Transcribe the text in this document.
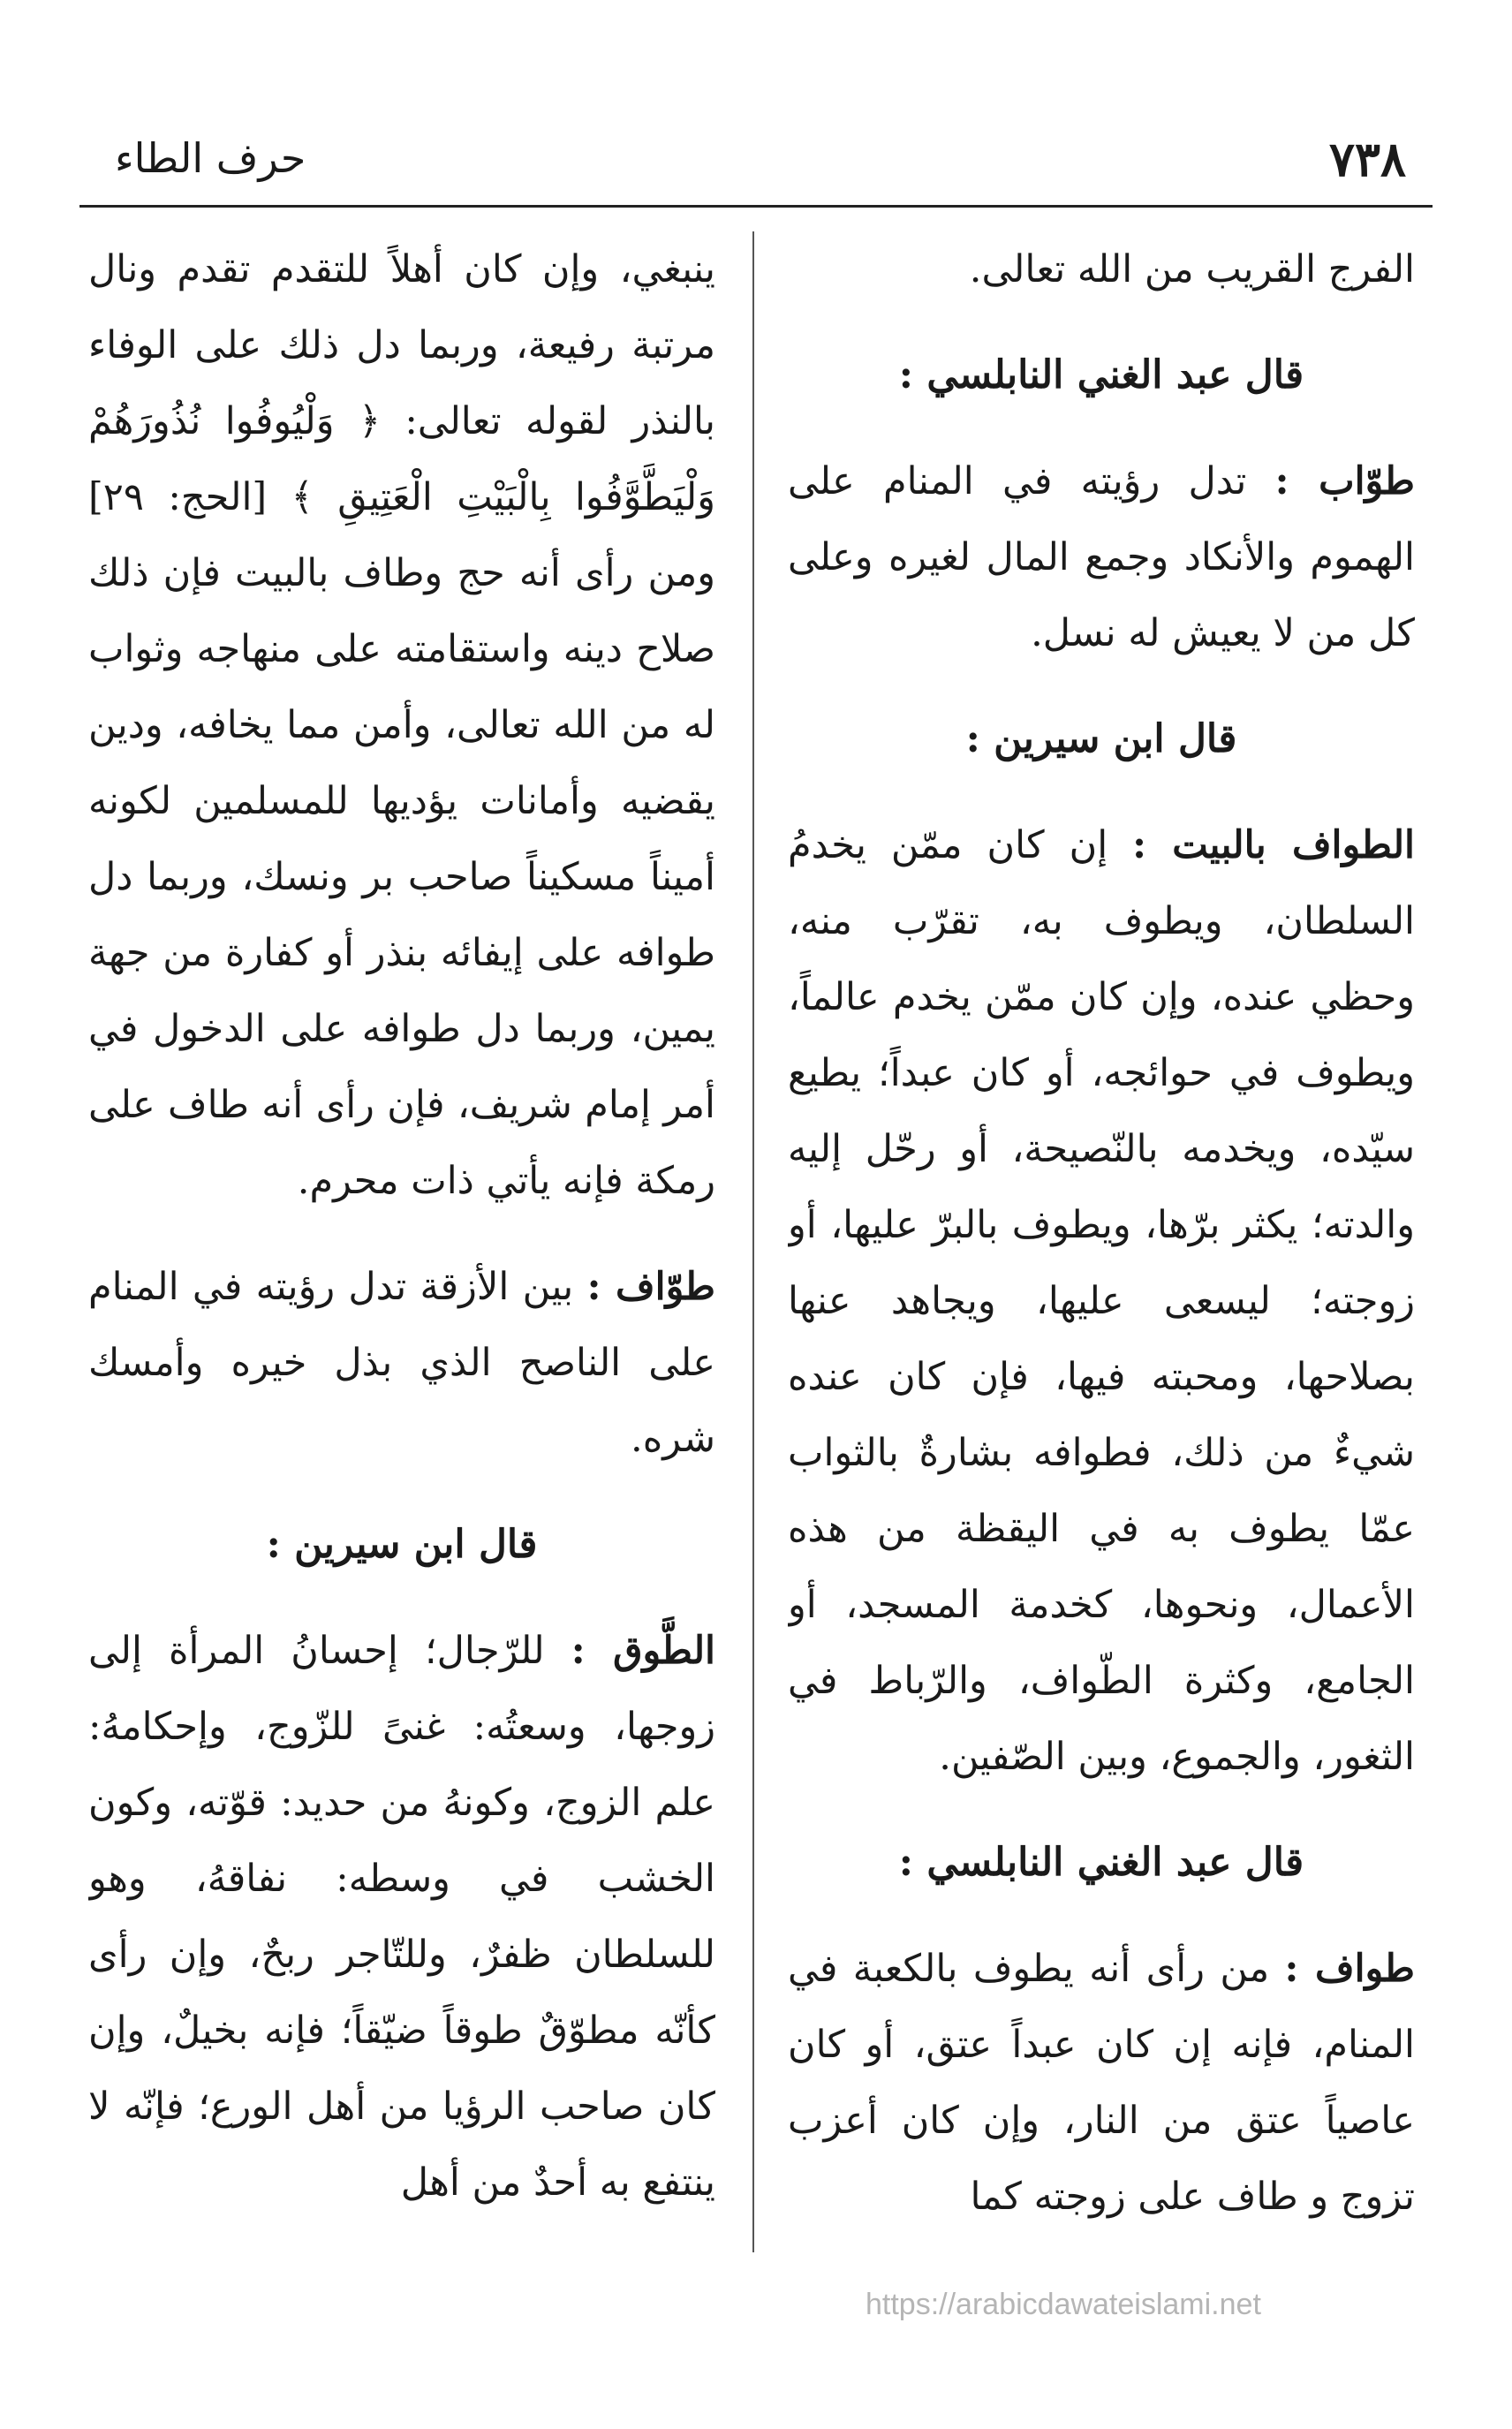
٧٣٨
حرف الطاء

الفرج القريب من الله تعالى.

قال عبد الغني النابلسي :

طوّاب : تدل رؤيته في المنام على الهموم والأنكاد وجمع المال لغيره وعلى كل من لا يعيش له نسل.

قال ابن سيرين :

الطواف بالبيت : إن كان ممّن يخدمُ السلطان، ويطوف به، تقرّب منه، وحظي عنده، وإن كان ممّن يخدم عالماً، ويطوف في حوائجه، أو كان عبداً؛ يطيع سيّده، ويخدمه بالنّصيحة، أو رحّل إليه والدته؛ يكثر برّها، ويطوف بالبرّ عليها، أو زوجته؛ ليسعى عليها، ويجاهد عنها بصلاحها، ومحبته فيها، فإن كان عنده شيءٌ من ذلك، فطوافه بشارةٌ بالثواب عمّا يطوف به في اليقظة من هذه الأعمال، ونحوها، كخدمة المسجد، أو الجامع، وكثرة الطّواف، والرّباط في الثغور، والجموع، وبين الصّفين.

قال عبد الغني النابلسي :

طواف : من رأى أنه يطوف بالكعبة في المنام، فإنه إن كان عبداً عتق، أو كان عاصياً عتق من النار، وإن كان أعزب تزوج و طاف على زوجته كما

ينبغي، وإن كان أهلاً للتقدم تقدم ونال مرتبة رفيعة، وربما دل ذلك على الوفاء بالنذر لقوله تعالى: ﴿ وَلْيُوفُوا نُذُورَهُمْ وَلْيَطَّوَّفُوا بِالْبَيْتِ الْعَتِيقِ ﴾ [الحج: ٢٩] ومن رأى أنه حج وطاف بالبيت فإن ذلك صلاح دينه واستقامته على منهاجه وثواب له من الله تعالى، وأمن مما يخافه، ودين يقضيه وأمانات يؤديها للمسلمين لكونه أميناً مسكيناً صاحب بر ونسك، وربما دل طوافه على إيفائه بنذر أو كفارة من جهة يمين، وربما دل طوافه على الدخول في أمر إمام شريف، فإن رأى أنه طاف على رمكة فإنه يأتي ذات محرم.

طوّاف : بين الأزقة تدل رؤيته في المنام على الناصح الذي بذل خيره وأمسك شره.

قال ابن سيرين :

الطَّوق : للرّجال؛ إحسانُ المرأة إلى زوجها، وسعتُه: غنىً للزّوج، وإحكامهُ: علم الزوج، وكونهُ من حديد: قوّته، وكون الخشب في وسطه: نفاقهُ، وهو للسلطان ظفرٌ، وللتّاجر ربحٌ، وإن رأى كأنّه مطوّقٌ طوقاً ضيّقاً؛ فإنه بخيلٌ، وإن كان صاحب الرؤيا من أهل الورع؛ فإنّه لا ينتفع به أحدٌ من أهل

https://arabicdawateislami.net
